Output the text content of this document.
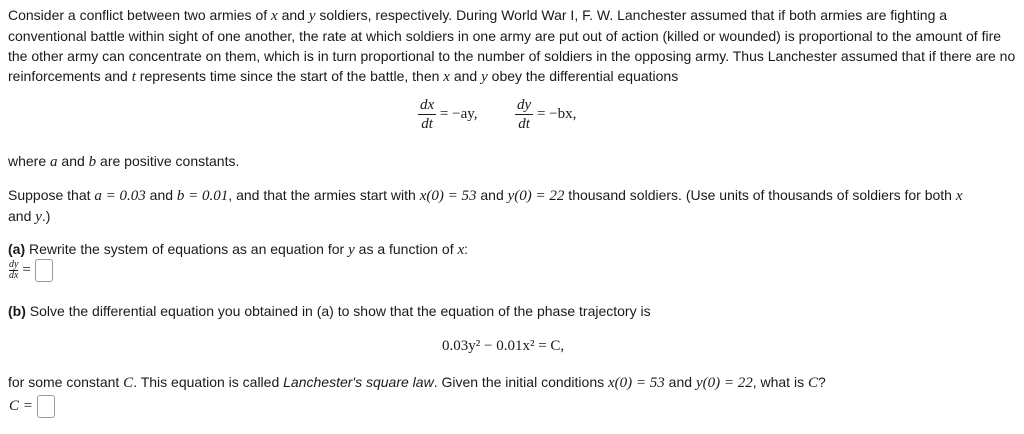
Consider a conflict between two armies of x and y soldiers, respectively. During World War I, F. W. Lanchester assumed that if both armies are fighting a
conventional battle within sight of one another, the rate at which soldiers in one army are put out of action (killed or wounded) is proportional to the amount of fire
the other army can concentrate on them, which is in turn proportional to the number of soldiers in the opposing army. Thus Lanchester assumed that if there are no
reinforcements and t represents time since the start of the battle, then x and y obey the differential equations
$\frac{dx}{dt} = -ay$,	$\frac{dy}{dt} = -bx$,
where a and b are positive constants.
Suppose that a = 0.03 and b = 0.01, and that the armies start with x(0) = 53 and y(0) = 22 thousand soldiers. (Use units of thousands of soldiers for both x
and y.)
(a) Rewrite the system of equations as an equation for y as a function of x:
$\frac{dy}{dx}$ =
(b) Solve the differential equation you obtained in (a) to show that the equation of the phase trajectory is
0.03y² − 0.01x² = C,
for some constant C. This equation is called Lanchester's square law. Given the initial conditions x(0) = 53 and y(0) = 22, what is C?
C =
